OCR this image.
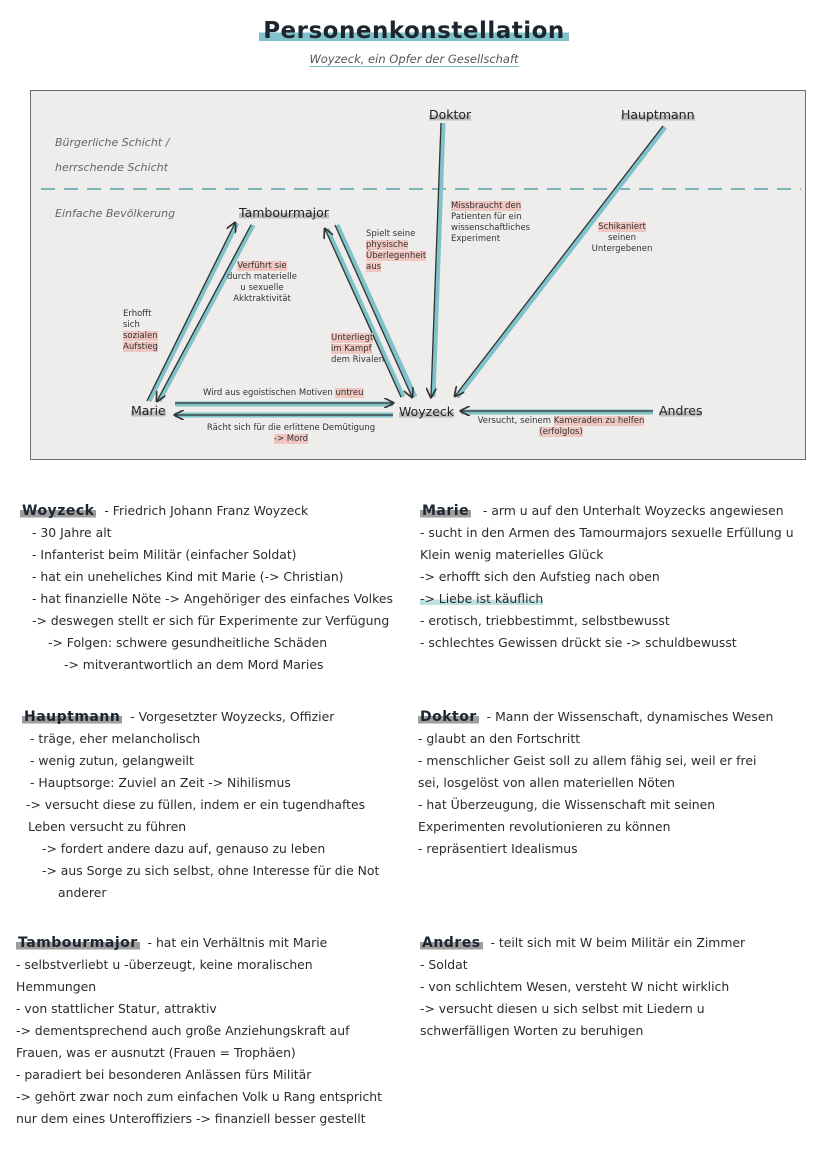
Personenkonstellation
Woyzeck, ein Opfer der Gesellschaft
Bürgerliche Schicht /
herrschende Schicht
Einfache Bevölkerung
Doktor	Hauptmann
Tambourmajor
Marie	Woyzeck	Andres
Missbraucht den
Patienten für ein
wissenschaftliches
Experiment
Schikaniert
seinen
Untergebenen
Spielt seine
physische
Überlegenheit
aus
Verführt sie
durch materielle
u sexuelle
Akktraktivität
Erhofft
sich
sozialen
Aufstieg
Unterliegt
im Kampf
dem Rivalen
Wird aus egoistischen Motiven untreu
Rächt sich für die erlittene Demütigung
-> Mord
Versucht, seinem Kameraden zu helfen
(erfolglos)
Woyzeck - Friedrich Johann Franz Woyzeck
- 30 Jahre alt
- Infanterist beim Militär (einfacher Soldat)
- hat ein uneheliches Kind mit Marie (-> Christian)
- hat finanzielle Nöte -> Angehöriger des einfaches Volkes
-> deswegen stellt er sich für Experimente zur Verfügung
-> Folgen: schwere gesundheitliche Schäden
-> mitverantwortlich an dem Mord Maries
Marie - arm u auf den Unterhalt Woyzecks angewiesen
- sucht in den Armen des Tamourmajors sexuelle Erfüllung u
Klein wenig materielles Glück
-> erhofft sich den Aufstieg nach oben
-> Liebe ist käuflich
- erotisch, triebbestimmt, selbstbewusst
- schlechtes Gewissen drückt sie -> schuldbewusst
Hauptmann - Vorgesetzter Woyzecks, Offizier
- träge, eher melancholisch
- wenig zutun, gelangweilt
- Hauptsorge: Zuviel an Zeit -> Nihilismus
-> versucht diese zu füllen, indem er ein tugendhaftes
Leben versucht zu führen
-> fordert andere dazu auf, genauso zu leben
-> aus Sorge zu sich selbst, ohne Interesse für die Not
anderer
Doktor - Mann der Wissenschaft, dynamisches Wesen
- glaubt an den Fortschritt
- menschlicher Geist soll zu allem fähig sei, weil er frei
sei, losgelöst von allen materiellen Nöten
- hat Überzeugung, die Wissenschaft mit seinen
Experimenten revolutionieren zu können
- repräsentiert Idealismus
Tambourmajor - hat ein Verhältnis mit Marie
- selbstverliebt u -überzeugt, keine moralischen
Hemmungen
- von stattlicher Statur, attraktiv
-> dementsprechend auch große Anziehungskraft auf
Frauen, was er ausnutzt (Frauen = Trophäen)
- paradiert bei besonderen Anlässen fürs Militär
-> gehört zwar noch zum einfachen Volk u Rang entspricht
nur dem eines Unteroffiziers -> finanziell besser gestellt
Andres - teilt sich mit W beim Militär ein Zimmer
- Soldat
- von schlichtem Wesen, versteht W nicht wirklich
-> versucht diesen u sich selbst mit Liedern u
schwerfälligen Worten zu beruhigen
